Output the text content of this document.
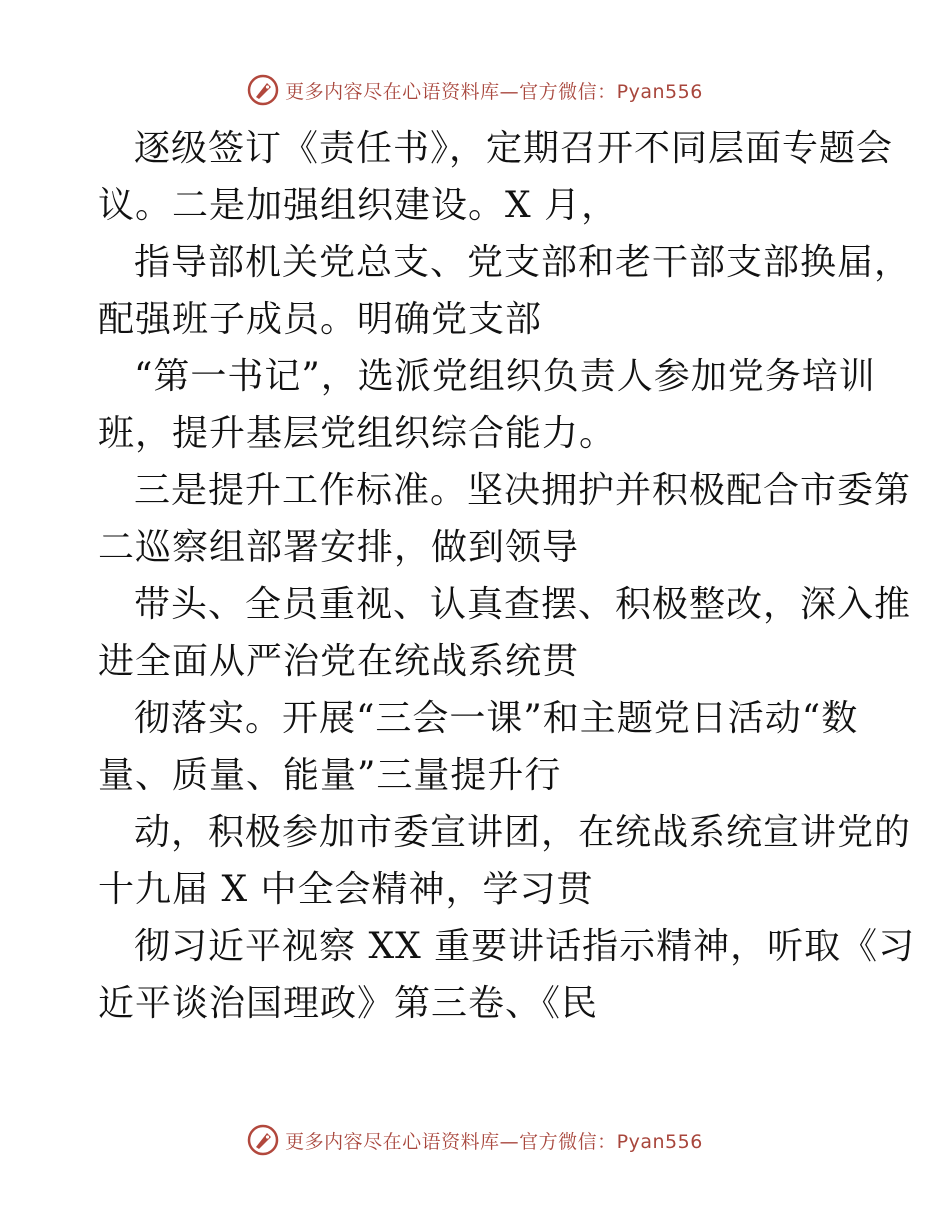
更多内容尽在心语资料库—官方微信：Pyan556

逐级签订《责任书》，定期召开不同层面专题会
议。二是加强组织建设。X 月，

指导部机关党总支、党支部和老干部支部换届，
配强班子成员。明确党支部

“第一书记”，选派党组织负责人参加党务培训
班，提升基层党组织综合能力。

三是提升工作标准。坚决拥护并积极配合市委第
二巡察组部署安排，做到领导

带头、全员重视、认真查摆、积极整改，深入推
进全面从严治党在统战系统贯

彻落实。开展“三会一课”和主题党日活动“数
量、质量、能量”三量提升行

动，积极参加市委宣讲团，在统战系统宣讲党的
十九届 X 中全会精神，学习贯

彻习近平视察 XX 重要讲话指示精神，听取《习
近平谈治国理政》第三卷、《民

更多内容尽在心语资料库—官方微信：Pyan556
